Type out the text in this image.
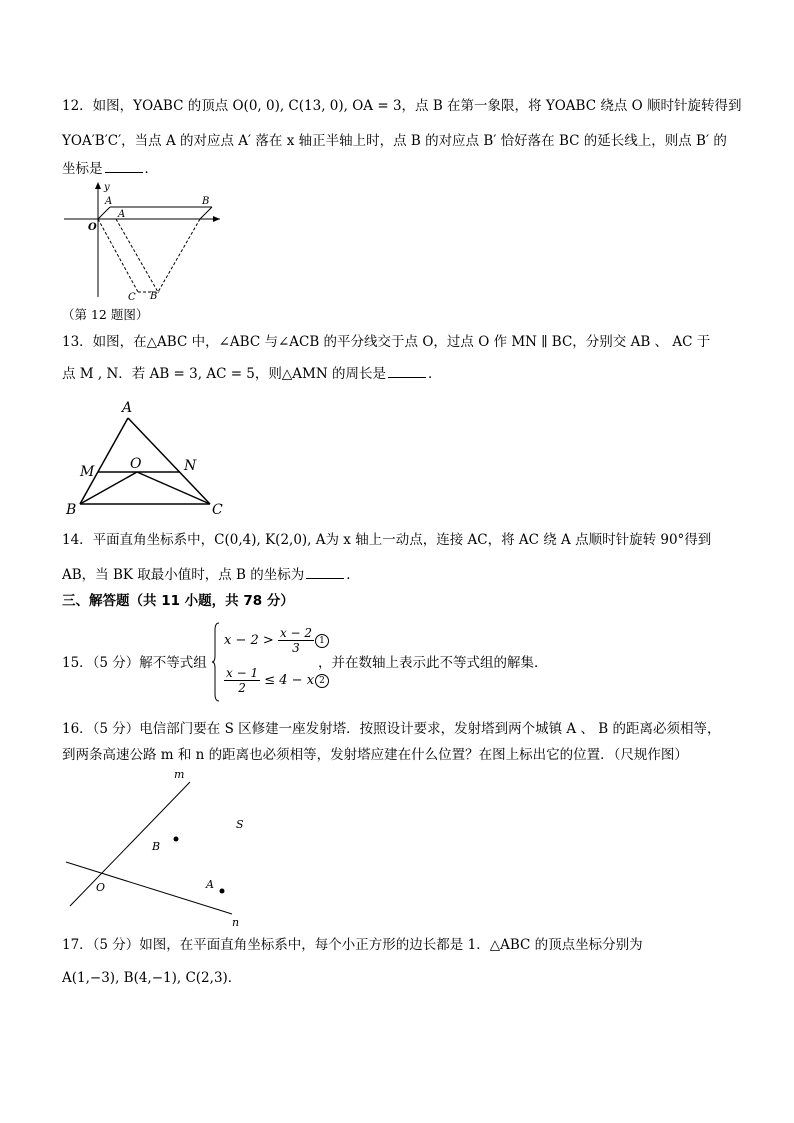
12．如图，YOABC 的顶点 O(0, 0), C(13, 0), OA = 3，点 B 在第一象限，将 YOABC 绕点 O 顺时针旋转得到
YOA′B′C′，当点 A 的对应点 A′ 落在 x 轴正半轴上时，点 B 的对应点 B′ 恰好落在 BC 的延长线上，则点 B′ 的
坐标是	．
y
A	B
O
A
C B′
（第 12 题图）
13．如图，在△ABC 中，∠ABC 与∠ACB 的平分线交于点 O，过点 O 作 MN ∥ BC，分别交 AB 、 AC 于
点 M , N．若 AB = 3, AC = 5，则△AMN 的周长是	．
A
M	O	N
B	C
14．平面直角坐标系中，C(0,4), K(2,0), A为 x 轴上一动点，连接 AC，将 AC 绕 A 点顺时针旋转 90°得到
AB，当 BK 取最小值时，点 B 的坐标为	．
三、解答题（共 11 小题，共 78 分）
15．（5 分）解不等式组
$x - 2 > \frac{x - 2}{3} 1$
$\frac{x - 1}{2} \le 4 - x$ 2
，并在数轴上表示此不等式组的解集．
16．（5 分）电信部门要在 S 区修建一座发射塔．按照设计要求，发射塔到两个城镇 A 、 B 的距离必须相等，
到两条高速公路 m 和 n 的距离也必须相等，发射塔应建在什么位置？在图上标出它的位置．（尺规作图）
m
S
B
A
O
n
17．（5 分）如图，在平面直角坐标系中，每个小正方形的边长都是 1．△ABC 的顶点坐标分别为
A(1,−3), B(4,−1), C(2,3)．
